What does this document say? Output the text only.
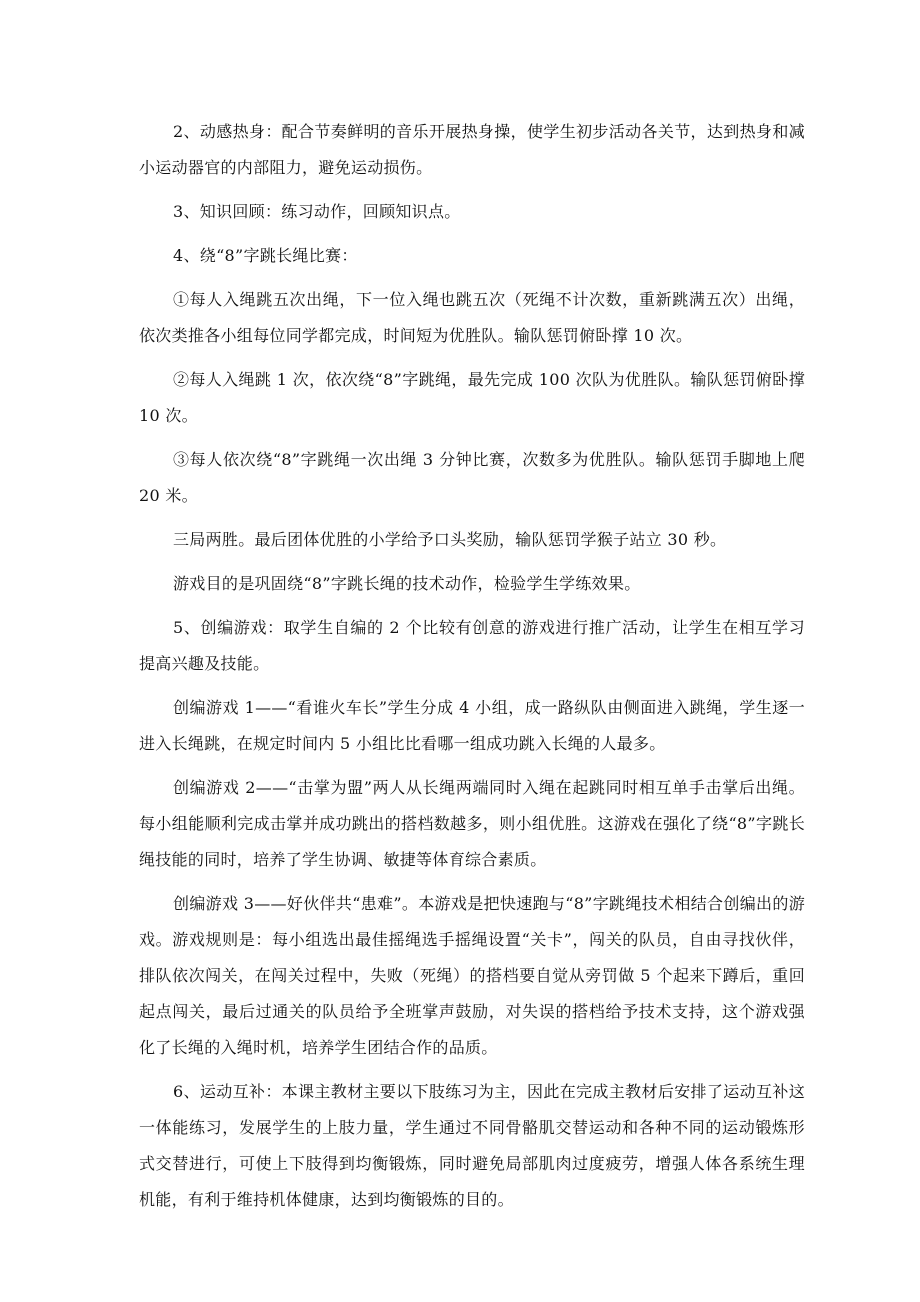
2、动感热身：配合节奏鲜明的音乐开展热身操，使学生初步活动各关节，达到热身和减小运动器官的内部阻力，避免运动损伤。

3、知识回顾：练习动作，回顾知识点。

4、绕“8”字跳长绳比赛：

①每人入绳跳五次出绳，下一位入绳也跳五次（死绳不计次数，重新跳满五次）出绳，依次类推各小组每位同学都完成，时间短为优胜队。输队惩罚俯卧撑 10 次。

②每人入绳跳 1 次，依次绕“8”字跳绳，最先完成 100 次队为优胜队。输队惩罚俯卧撑 10 次。

③每人依次绕“8”字跳绳一次出绳 3 分钟比赛，次数多为优胜队。输队惩罚手脚地上爬 20 米。

三局两胜。最后团体优胜的小学给予口头奖励，输队惩罚学猴子站立 30 秒。

游戏目的是巩固绕“8”字跳长绳的技术动作，检验学生学练效果。

5、创编游戏：取学生自编的 2 个比较有创意的游戏进行推广活动，让学生在相互学习提高兴趣及技能。

创编游戏 1——“看谁火车长”学生分成 4 小组，成一路纵队由侧面进入跳绳，学生逐一进入长绳跳，在规定时间内 5 小组比比看哪一组成功跳入长绳的人最多。

创编游戏 2——“击掌为盟”两人从长绳两端同时入绳在起跳同时相互单手击掌后出绳。每小组能顺利完成击掌并成功跳出的搭档数越多，则小组优胜。这游戏在强化了绕“8”字跳长绳技能的同时，培养了学生协调、敏捷等体育综合素质。

创编游戏 3——好伙伴共“患难”。本游戏是把快速跑与“8”字跳绳技术相结合创编出的游戏。游戏规则是：每小组选出最佳摇绳选手摇绳设置“关卡”，闯关的队员，自由寻找伙伴，排队依次闯关，在闯关过程中，失败（死绳）的搭档要自觉从旁罚做 5 个起来下蹲后，重回起点闯关，最后过通关的队员给予全班掌声鼓励，对失误的搭档给予技术支持，这个游戏强化了长绳的入绳时机，培养学生团结合作的品质。

6、运动互补：本课主教材主要以下肢练习为主，因此在完成主教材后安排了运动互补这一体能练习，发展学生的上肢力量，学生通过不同骨骼肌交替运动和各种不同的运动锻炼形式交替进行，可使上下肢得到均衡锻炼，同时避免局部肌肉过度疲劳，增强人体各系统生理机能，有利于维持机体健康，达到均衡锻炼的目的。
